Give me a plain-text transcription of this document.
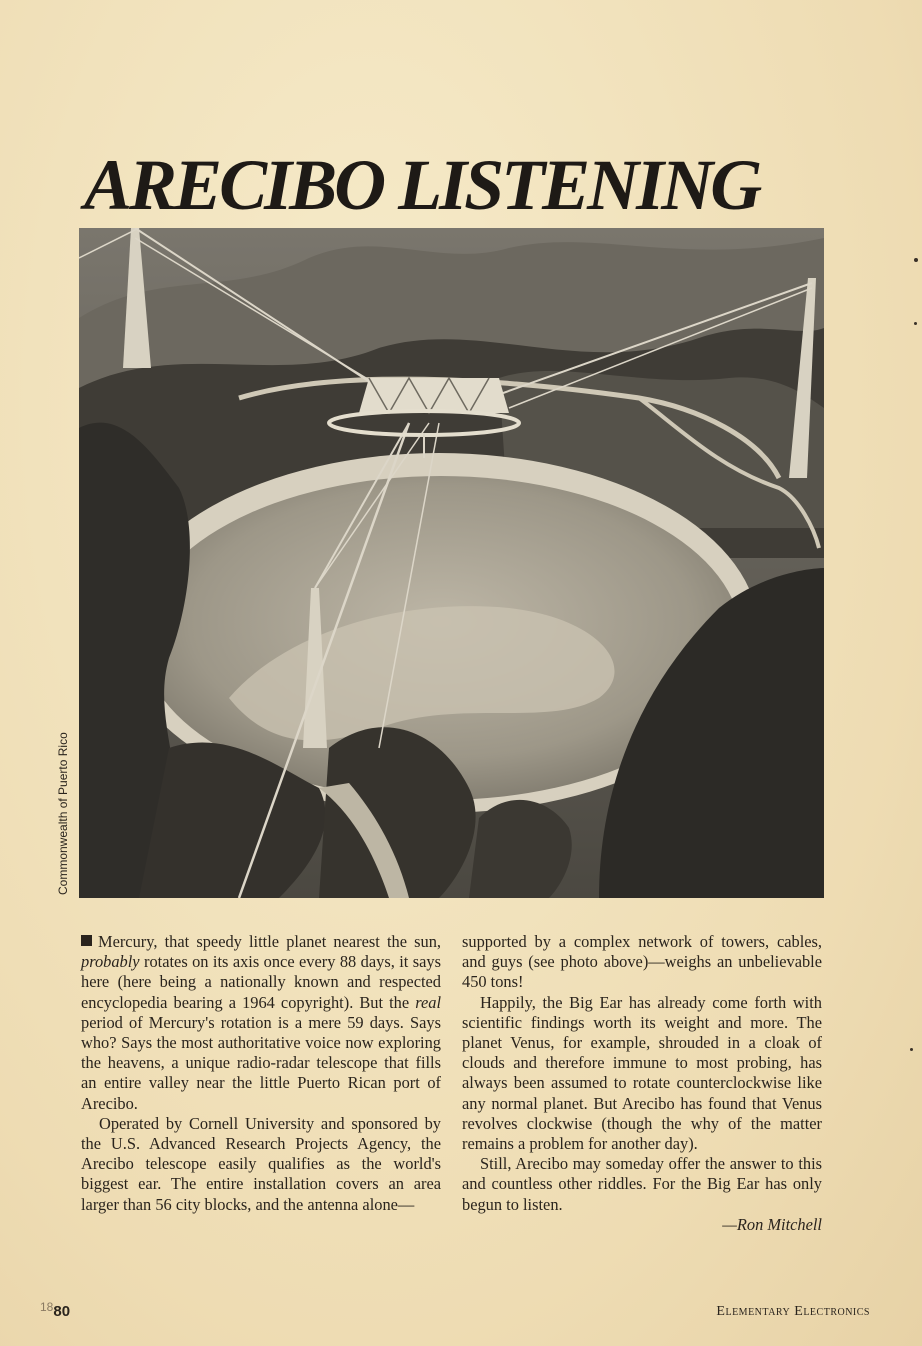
ARECIBO LISTENING
Commonwealth of Puerto Rico

Mercury, that speedy little planet nearest the sun, probably rotates on its axis once every 88 days, it says here (here being a nationally known and respected encyclopedia bearing a 1964 copyright). But the real period of Mercury's rotation is a mere 59 days. Says who? Says the most authoritative voice now exploring the heavens, a unique radio-radar telescope that fills an entire valley near the little Puerto Rican port of Arecibo.

Operated by Cornell University and sponsored by the U.S. Advanced Research Projects Agency, the Arecibo telescope easily qualifies as the world's biggest ear. The entire installation covers an area larger than 56 city blocks, and the antenna alone—

supported by a complex network of towers, cables, and guys (see photo above)—weighs an unbelievable 450 tons!

Happily, the Big Ear has already come forth with scientific findings worth its weight and more. The planet Venus, for example, shrouded in a cloak of clouds and therefore immune to most probing, has always been assumed to rotate counterclockwise like any normal planet. But Arecibo has found that Venus revolves clockwise (though the why of the matter remains a problem for another day).

Still, Arecibo may someday offer the answer to this and countless other riddles. For the Big Ear has only begun to listen.

—Ron Mitchell
$^{18}$80	Elementary Electronics
